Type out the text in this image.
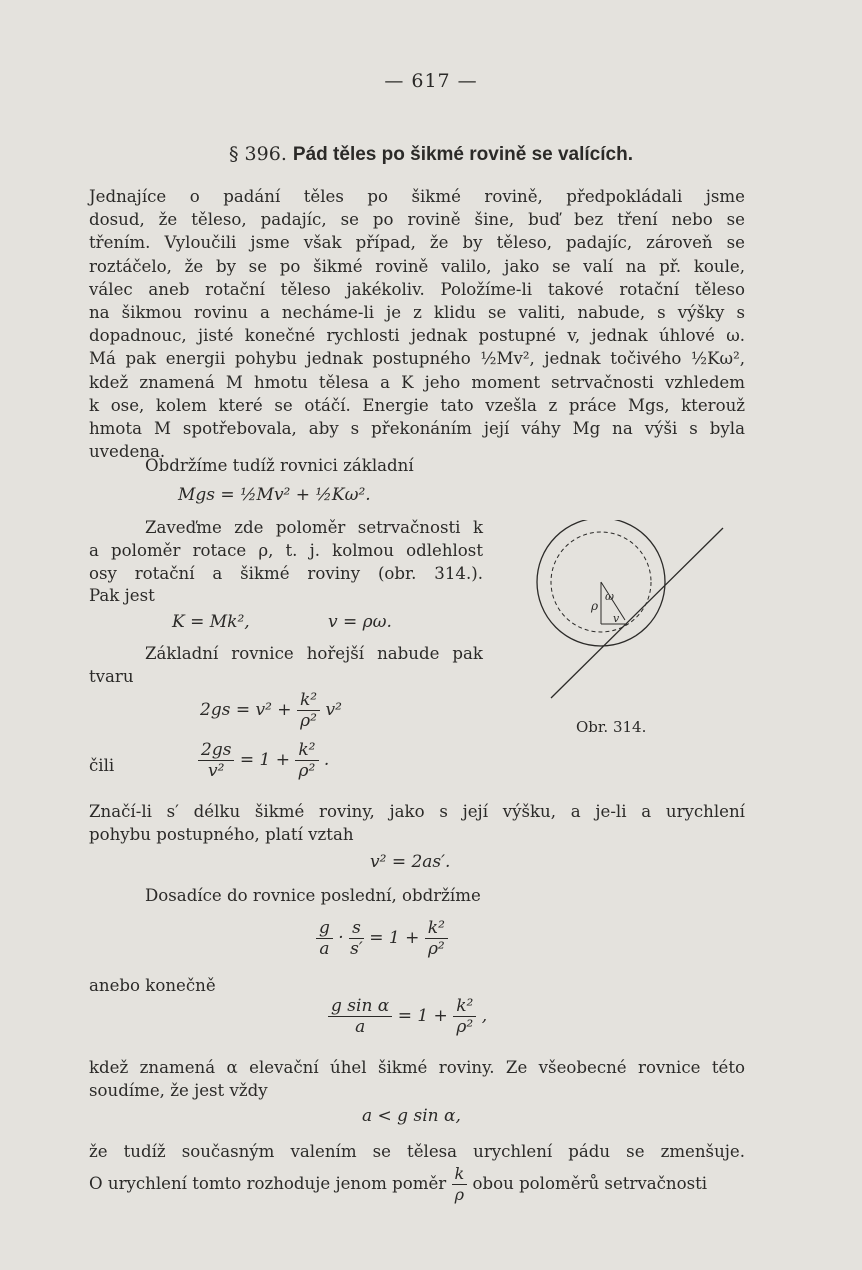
— 617 —
§ 396. Pád těles po šikmé rovině se valících.
Jednajíce o padání těles po šikmé rovině, předpokládali jsme
dosud, že těleso, padajíc, se po rovině šine, buď bez tření nebo se
třením. Vyloučili jsme však případ, že by těleso, padajíc, zároveň se
roztáčelo, že by se po šikmé rovině valilo, jako se valí na př. koule,
válec aneb rotační těleso jakékoliv. Položíme-li takové rotační těleso
na šikmou rovinu a necháme-li je z klidu se valiti, nabude, s výšky s
dopadnouc, jisté konečné rychlosti jednak postupné v, jednak úhlové ω.
Má pak energii pohybu jednak postupného ½Mv², jednak točivého ½Kω²,
kdež znamená M hmotu tělesa a K jeho moment setrvačnosti vzhledem
k ose, kolem které se otáčí. Energie tato vzešla z práce Mgs, kterouž
hmota M spotřebovala, aby s překonáním její váhy Mg na výši s byla
uvedena.
Obdržíme tudíž rovnici základní
Mgs = ½Mv² + ½Kω².
Zaveďme zde poloměr setrvačnosti k
a poloměr rotace ρ, t. j. kolmou odlehlost
osy rotační a šikmé roviny (obr. 314.).
Pak jest
K = Mk²,	v = ρω.
Základní rovnice hořejší nabude pak
tvaru
$2gs = v^2 + \frac{\text{k²}}{\text{ρ²}} v^2$
čili	$\frac{2gs}{\text{v²}} = 1 + \frac{\text{k²}}{\text{ρ²}}$ .
ρ
ω
v
Obr. 314.
Značí-li s′ délku šikmé roviny, jako s její výšku, a je-li a urychlení
pohybu postupného, platí vztah
v² = 2as′.
Dosadíce do rovnice poslední, obdržíme
$\frac{g}{a} \cdot \frac{s}{s'} = 1 + \frac{\text{k²}}{\text{ρ²}}$
anebo konečně
$\frac{\text{g sin α}}{a} = 1 + \frac{\text{k²}}{\text{ρ²}}$ ,
kdež znamená α elevační úhel šikmé roviny. Ze všeobecné rovnice této
soudíme, že jest vždy
a < g sin α,
že tudíž současným valením se tělesa urychlení pádu se zmenšuje.
O urychlení tomto rozhoduje jenom poměr $\frac{k}{\rho}$ obou poloměrů setrvačnosti
